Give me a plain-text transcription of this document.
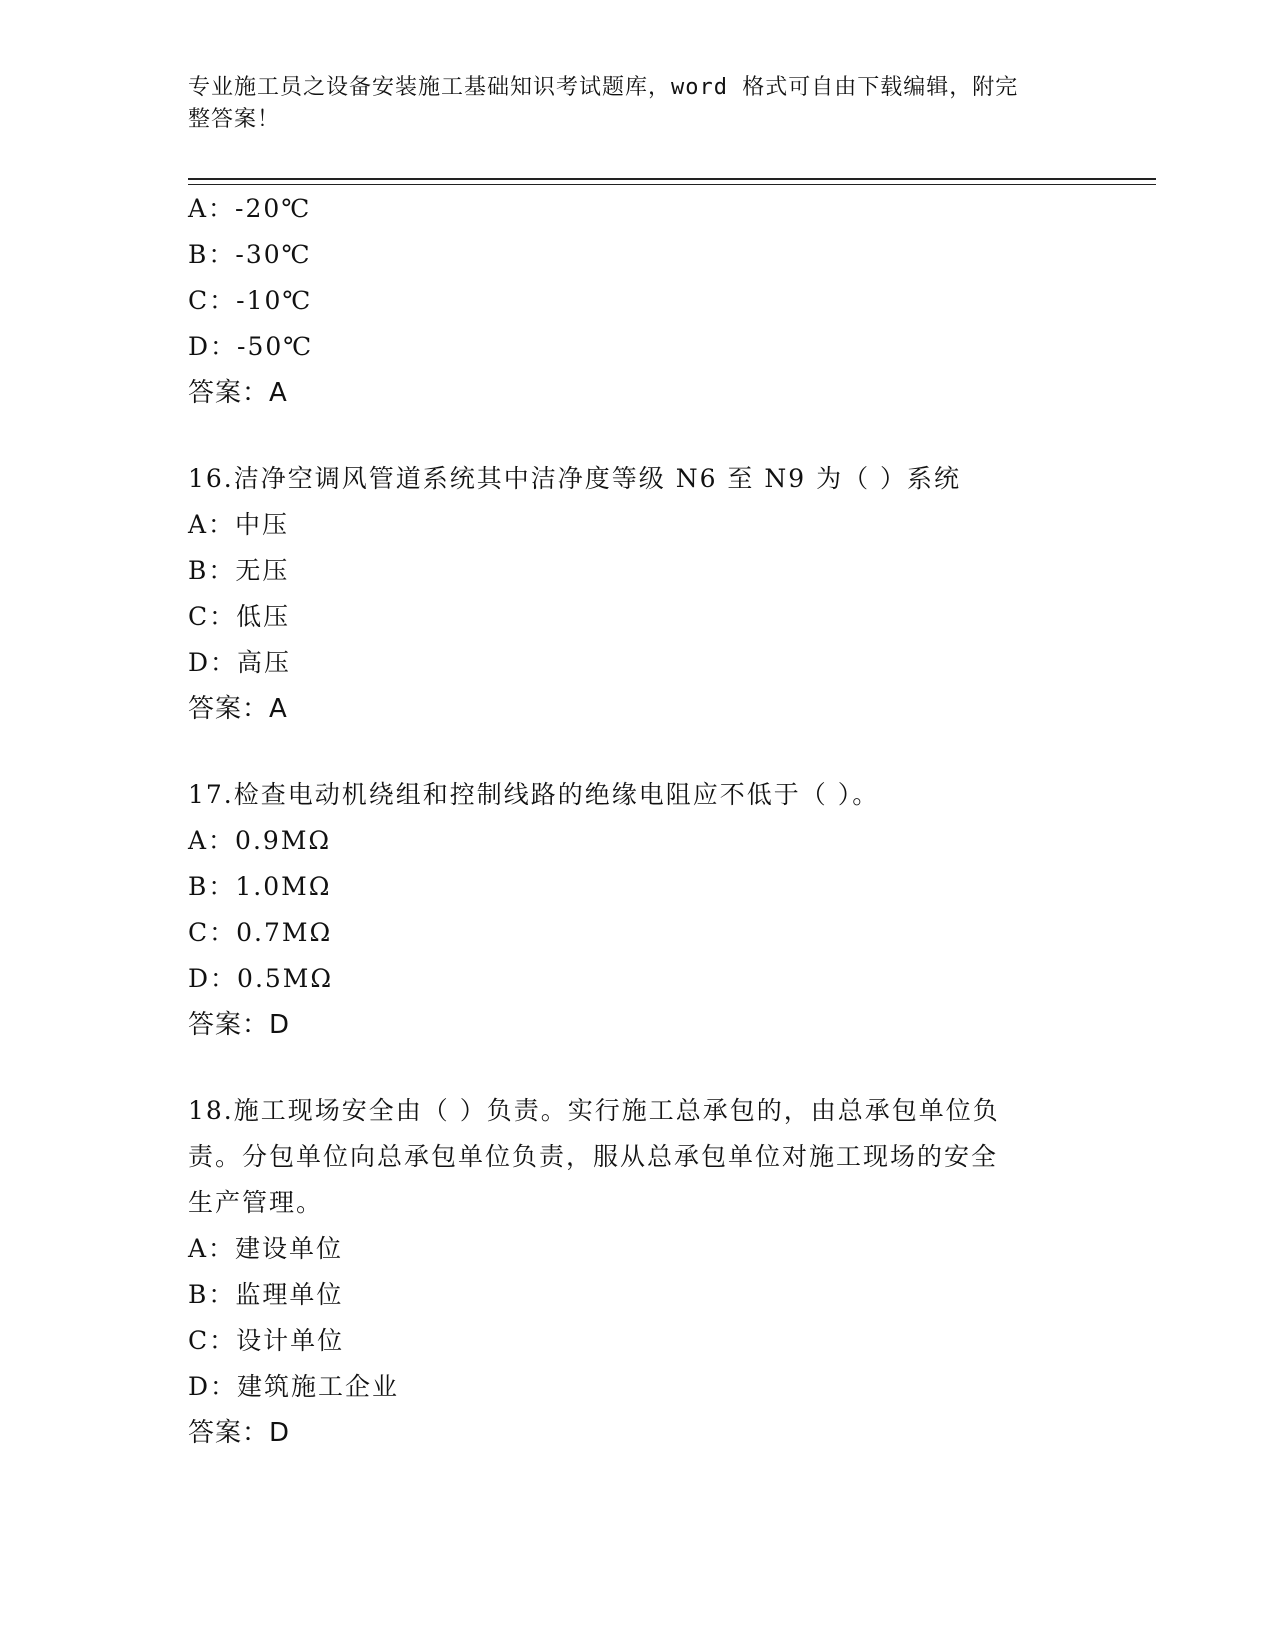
专业施工员之设备安装施工基础知识考试题库，word 格式可自由下载编辑，附完
整答案！
A：-20℃
B：-30℃
C：-10℃
D：-50℃
答案：A
16.洁净空调风管道系统其中洁净度等级 N6 至 N9 为（ ）系统
A：中压
B：无压
C：低压
D：高压
答案：A
17.检查电动机绕组和控制线路的绝缘电阻应不低于（ ）。
A：0.9MΩ
B：1.0MΩ
C：0.7MΩ
D：0.5MΩ
答案：D
18.施工现场安全由（ ）负责。实行施工总承包的，由总承包单位负
责。分包单位向总承包单位负责，服从总承包单位对施工现场的安全
生产管理。
A：建设单位
B：监理单位
C：设计单位
D：建筑施工企业
答案：D
